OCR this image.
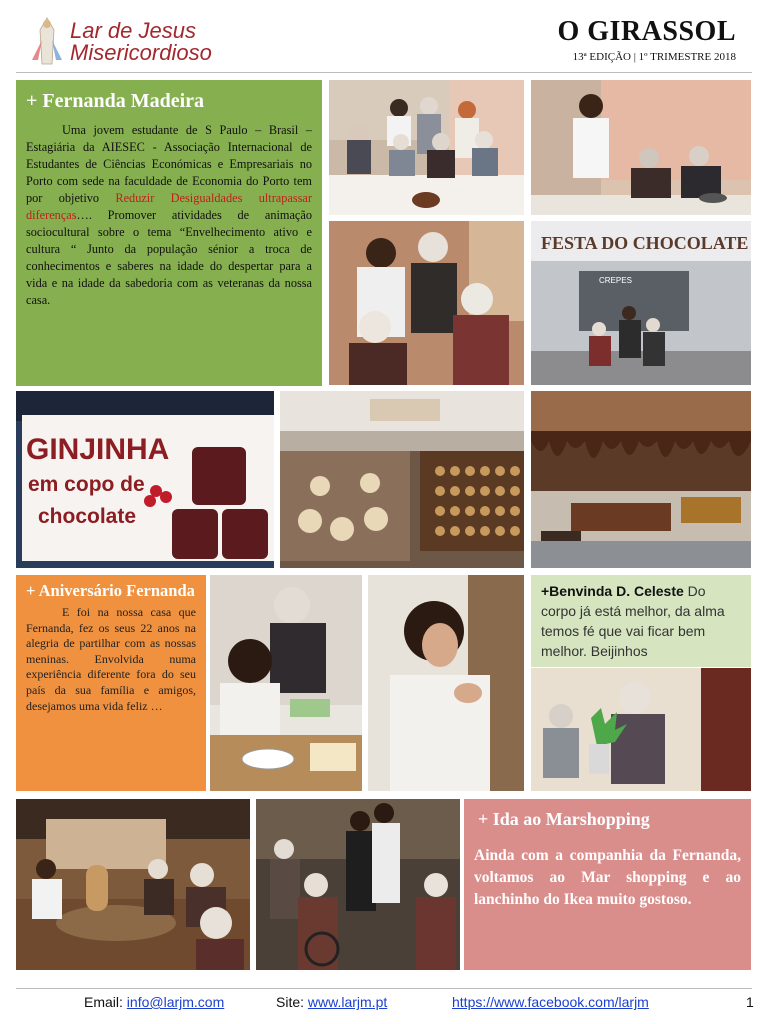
Lar de Jesus
Misericordioso
O GIRASSOL
13ª EDIÇÃO | 1º TRIMESTRE 2018
+ Fernanda Madeira

Uma jovem estudante de S Paulo – Brasil – Estagiária da AIESEC - Associação Internacional de Estudantes de Ciências Económicas e Empresariais no Porto com sede na faculdade de Economia do Porto tem por objetivo Reduzir Desigualdades ultrapassar diferenças…. Promover atividades de animação sociocultural sobre o tema “Envelhecimento ativo e cultura “ Junto da população sénior a troca de conhecimentos e saberes na idade do despertar para a vida e na idade da sabedoria com as veteranas da nossa casa.

FESTA DO CHOCOLATE
CREPES
GINJINHA
em copo de
chocolate
+ Aniversário Fernanda

E foi na nossa casa que Fernanda, fez os seus 22 anos na alegria de partilhar com as nossas meninas. Envolvida numa experiência diferente fora do seu país da sua família e amigos, desejamos uma vida feliz …

+Benvinda D. Celeste Do corpo já está melhor, da alma temos fé que vai ficar bem melhor. Beijinhos

+ Ida ao Marshopping

Ainda com a companhia da Fernanda, voltamos ao Mar shopping e ao lanchinho do Ikea muito gostoso.

Email: info@larjm.com	Site: www.larjm.pt	https://www.facebook.com/larjm	1
